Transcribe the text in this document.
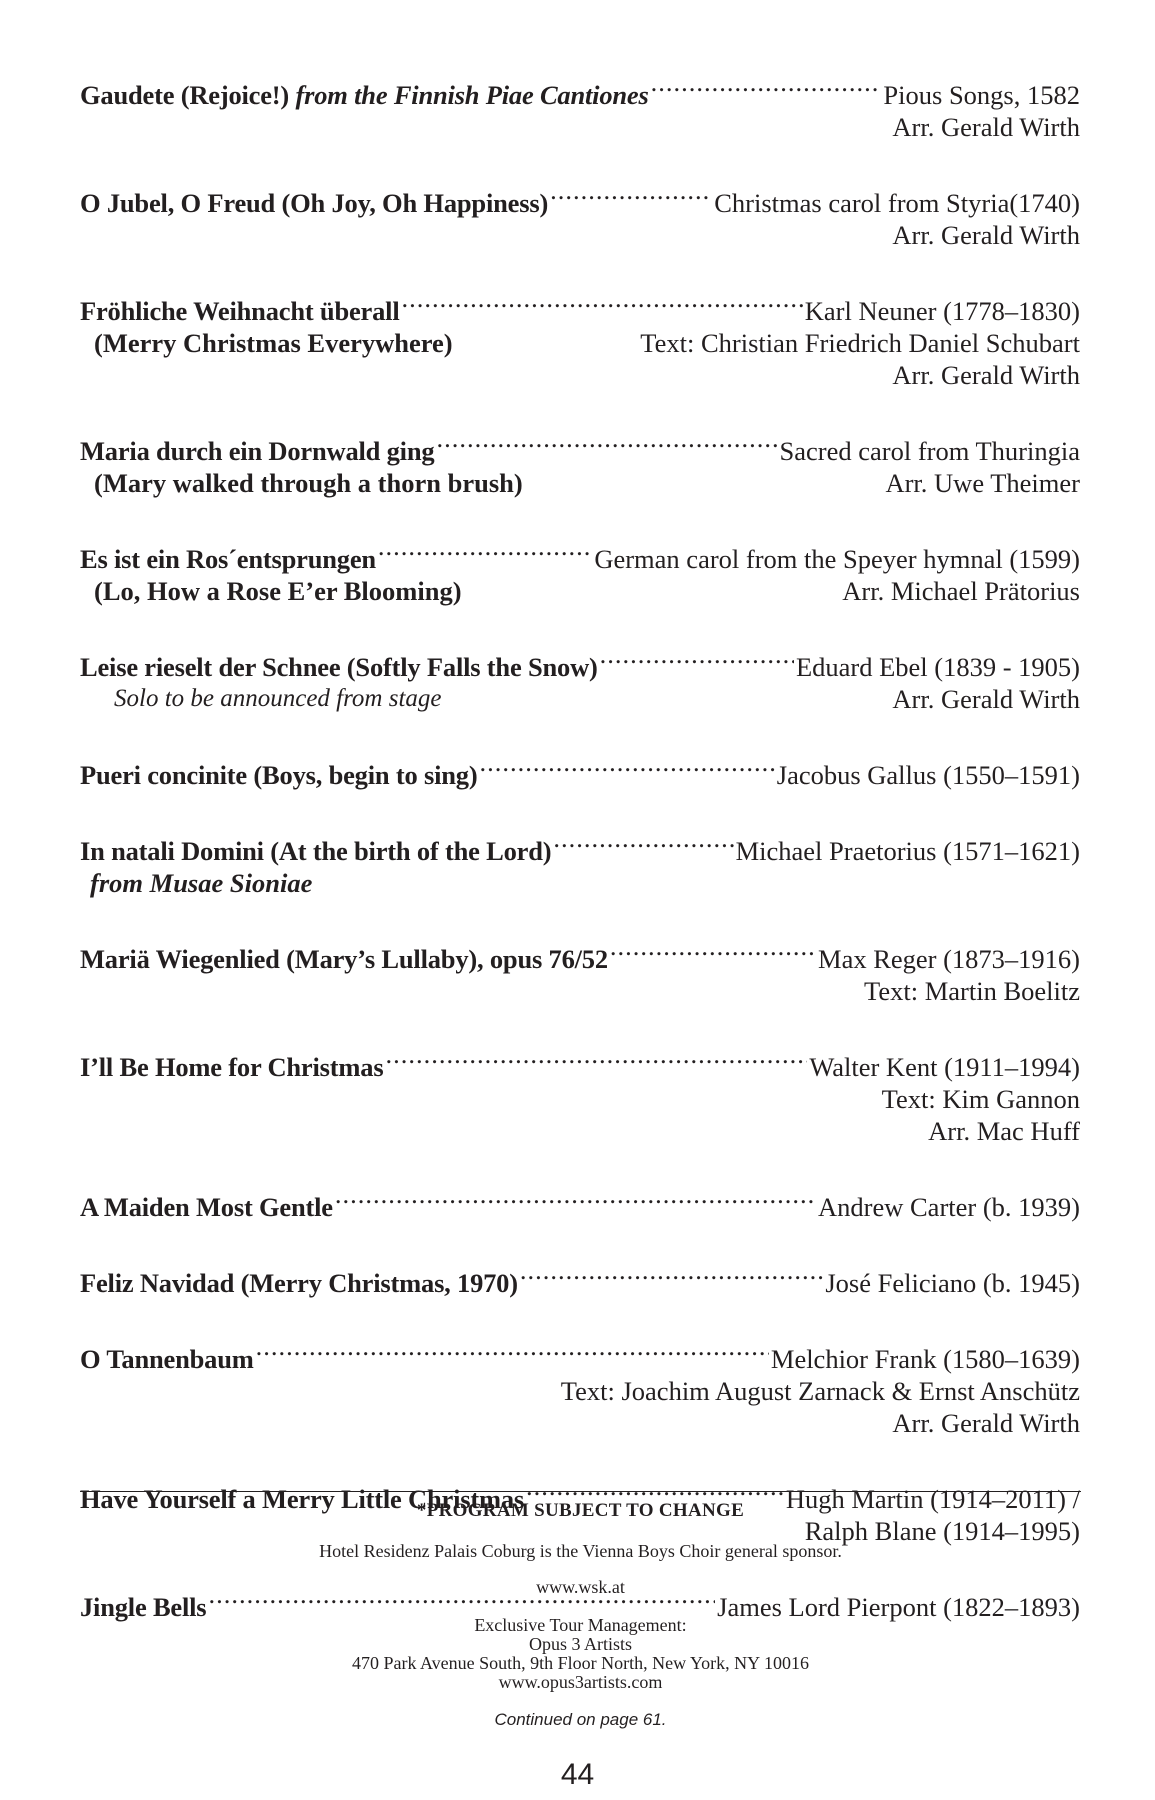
Gaudete (Rejoice!) from the Finnish Piae Cantiones .....	Pious Songs, 1582
Arr. Gerald Wirth
O Jubel, O Freud (Oh Joy, Oh Happiness) .....	Christmas carol from Styria(1740)
Arr. Gerald Wirth
Fröhliche Weihnacht überall .....	Karl Neuner (1778–1830)
(Merry Christmas Everywhere)	Text: Christian Friedrich Daniel Schubart
Arr. Gerald Wirth
Maria durch ein Dornwald ging .....	Sacred carol from Thuringia
(Mary walked through a thorn brush)	Arr. Uwe Theimer
Es ist ein Ros´entsprungen .....	German carol from the Speyer hymnal (1599)
(Lo, How a Rose E’er Blooming)	Arr. Michael Prätorius
Leise rieselt der Schnee (Softly Falls the Snow) .....	Eduard Ebel (1839 - 1905)
Solo to be announced from stage	Arr. Gerald Wirth
Pueri concinite (Boys, begin to sing) .....	Jacobus Gallus (1550–1591)
In natali Domini (At the birth of the Lord) .....	Michael Praetorius (1571–1621)
from Musae Sioniae
Mariä Wiegenlied (Mary’s Lullaby), opus 76/52 .....	Max Reger (1873–1916)
Text: Martin Boelitz
I’ll Be Home for Christmas .....	Walter Kent (1911–1994)
Text: Kim Gannon
Arr. Mac Huff
A Maiden Most Gentle .....	Andrew Carter (b. 1939)
Feliz Navidad (Merry Christmas, 1970) .....	José Feliciano (b. 1945)
O Tannenbaum .....	Melchior Frank (1580–1639)
Text: Joachim August Zarnack & Ernst Anschütz
Arr. Gerald Wirth
Have Yourself a Merry Little Christmas .....	Hugh Martin (1914–2011) /
Ralph Blane (1914–1995)
Jingle Bells .....	James Lord Pierpont (1822–1893)
*PROGRAM SUBJECT TO CHANGE
Hotel Residenz Palais Coburg is the Vienna Boys Choir general sponsor.
www.wsk.at
Exclusive Tour Management:
Opus 3 Artists
470 Park Avenue South, 9th Floor North, New York, NY 10016
www.opus3artists.com
Continued on page 61.
44
